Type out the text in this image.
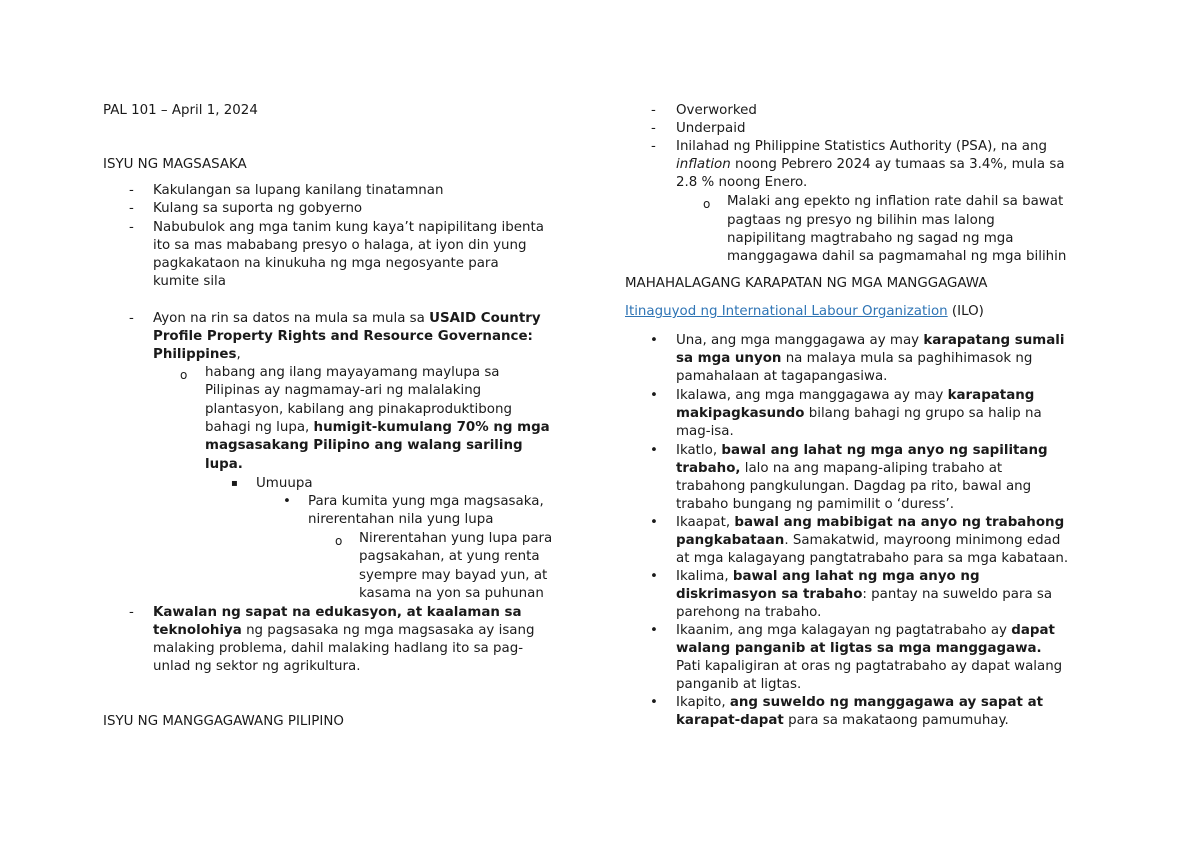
PAL 101 – April 1, 2024
ISYU NG MAGSASAKA
- Kakulangan sa lupang kanilang tinatamnan
- Kulang sa suporta ng gobyerno
- Nabubulok ang mga tanim kung kaya’t napipilitang ibenta
ito sa mas mababang presyo o halaga, at iyon din yung
pagkakataon na kinukuha ng mga negosyante para
kumite sila
- Ayon na rin sa datos na mula sa mula sa USAID Country
Profile Property Rights and Resource Governance:
Philippines,
o habang ang ilang mayayamang maylupa sa
Pilipinas ay nagmamay-ari ng malalaking
plantasyon, kabilang ang pinakaproduktibong
bahagi ng lupa, humigit-kumulang 70% ng mga
magsasakang Pilipino ang walang sariling
lupa.
▪ Umuupa
• Para kumita yung mga magsasaka,
nirerentahan nila yung lupa
o Nirerentahan yung lupa para
pagsakahan, at yung renta
syempre may bayad yun, at
kasama na yon sa puhunan
- Kawalan ng sapat na edukasyon, at kaalaman sa
teknolohiya ng pagsasaka ng mga magsasaka ay isang
malaking problema, dahil malaking hadlang ito sa pag-
unlad ng sektor ng agrikultura.
ISYU NG MANGGAGAWANG PILIPINO
- Overworked
- Underpaid
- Inilahad ng Philippine Statistics Authority (PSA), na ang
inflation noong Pebrero 2024 ay tumaas sa 3.4%, mula sa
2.8 % noong Enero.
o Malaki ang epekto ng inflation rate dahil sa bawat
pagtaas ng presyo ng bilihin mas lalong
napipilitang magtrabaho ng sagad ng mga
manggagawa dahil sa pagmamahal ng mga bilihin
MAHAHALAGANG KARAPATAN NG MGA MANGGAGAWA
Itinaguyod ng International Labour Organization (ILO)
• Una, ang mga manggagawa ay may karapatang sumali
sa mga unyon na malaya mula sa paghihimasok ng
pamahalaan at tagapangasiwa.
• Ikalawa, ang mga manggagawa ay may karapatang
makipagkasundo bilang bahagi ng grupo sa halip na
mag-isa.
• Ikatlo, bawal ang lahat ng mga anyo ng sapilitang
trabaho, lalo na ang mapang-aliping trabaho at
trabahong pangkulungan. Dagdag pa rito, bawal ang
trabaho bungang ng pamimilit o ‘duress’.
• Ikaapat, bawal ang mabibigat na anyo ng trabahong
pangkabataan. Samakatwid, mayroong minimong edad
at mga kalagayang pangtatrabaho para sa mga kabataan.
• Ikalima, bawal ang lahat ng mga anyo ng
diskrimasyon sa trabaho: pantay na suweldo para sa
parehong na trabaho.
• Ikaanim, ang mga kalagayan ng pagtatrabaho ay dapat
walang panganib at ligtas sa mga manggagawa.
Pati kapaligiran at oras ng pagtatrabaho ay dapat walang
panganib at ligtas.
• Ikapito, ang suweldo ng manggagawa ay sapat at
karapat-dapat para sa makataong pamumuhay.
